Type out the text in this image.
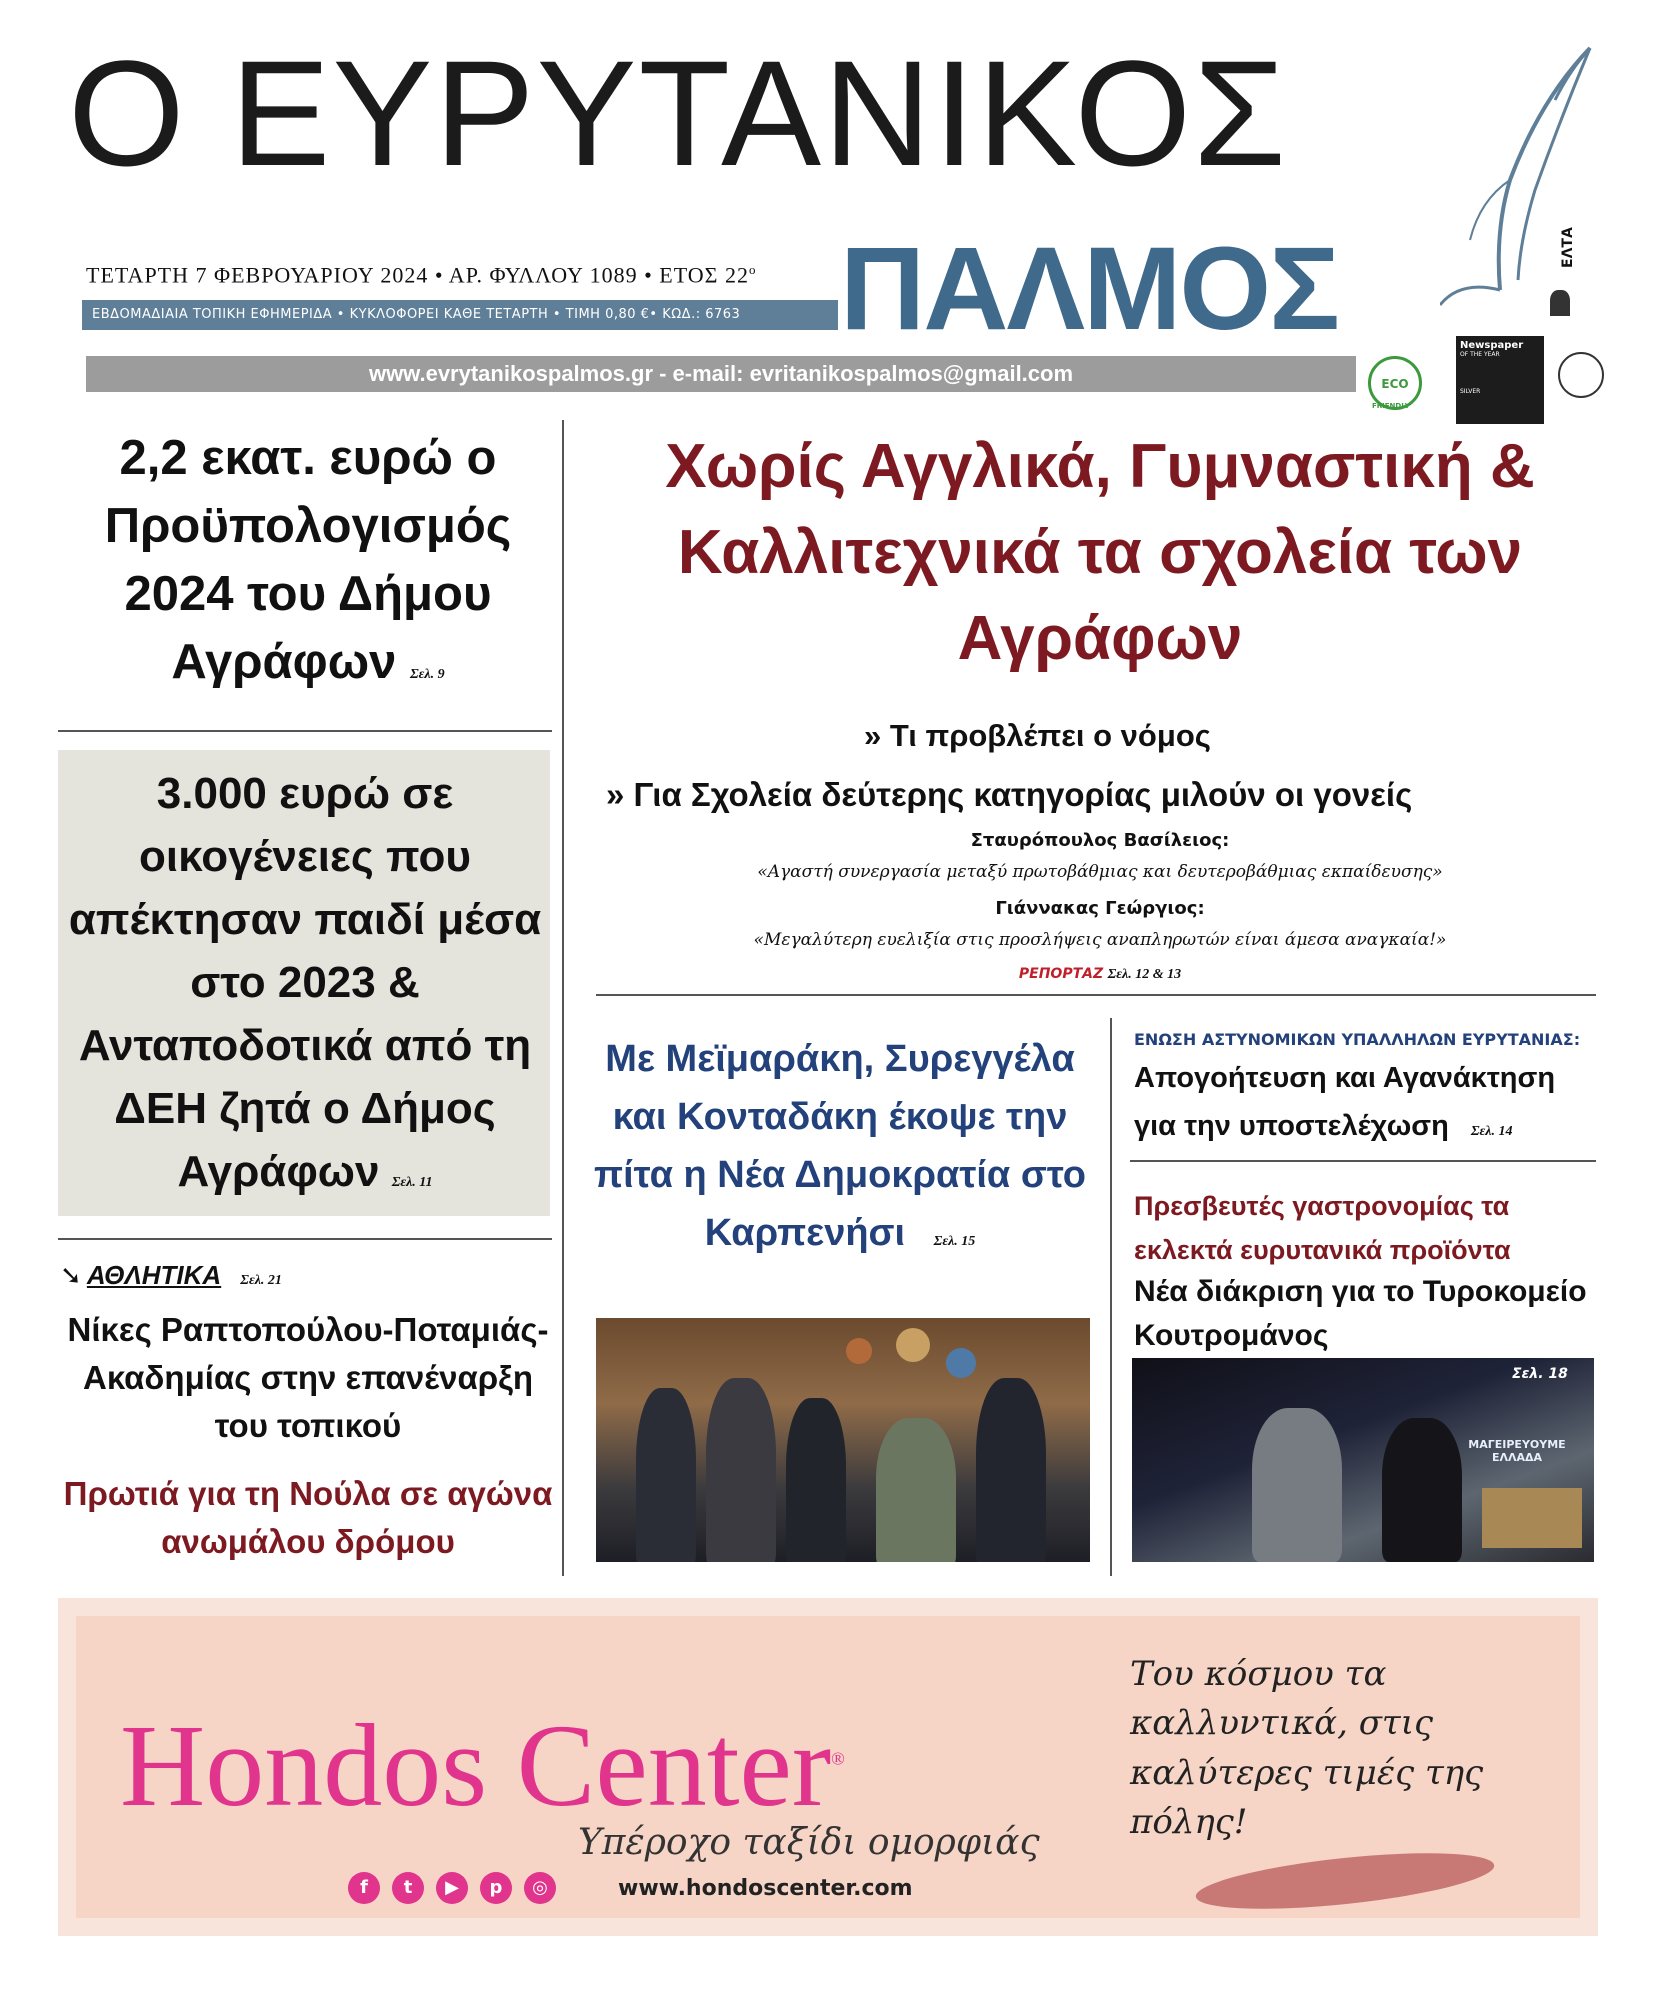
Ο ΕΥΡΥΤΑΝΙΚΟΣ
ΠΑΛΜΟΣ
ΤΕΤΑΡΤΗ 7 ΦΕΒΡΟΥΑΡΙΟΥ 2024 • ΑΡ. ΦΥΛΛΟΥ 1089 • ΕΤΟΣ $22^o$
ΕΒΔΟΜΑΔΙΑΙΑ ΤΟΠΙΚΗ ΕΦΗΜΕΡΙΔΑ • ΚΥΚΛΟΦΟΡΕΙ ΚΑΘΕ ΤΕΤΑΡΤΗ • ΤΙΜΗ 0,80 €• ΚΩΔ.: 6763
www.evrytanikospalmos.gr - e-mail: evritanikospalmos@gmail.com	ECO
FRIENDLY
Newspaper
OF THE YEAR
SILVER
ΕΛΤΑ
2,2 εκατ. ευρώ ο Προϋπολογισμός 2024 του Δήμου Αγράφων Σελ. 9
3.000 ευρώ σε οικογένειες που απέκτησαν παιδί μέσα στο 2023 & Ανταποδοτικά από τη ΔΕΗ ζητά ο Δήμος Αγράφων Σελ. 11
➘ ΑΘΛΗΤΙΚΑ Σελ. 21
Νίκες Ραπτοπούλου-Ποταμιάς-Ακαδημίας στην επανέναρξη του τοπικού
Πρωτιά για τη Νούλα σε αγώνα ανωμάλου δρόμου
Χωρίς Αγγλικά, Γυμναστική & Καλλιτεχνικά τα σχολεία των Αγράφων
» Τι προβλέπει ο νόμος
» Για Σχολεία δεύτερης κατηγορίας μιλούν οι γονείς
Σταυρόπουλος Βασίλειος:
«Αγαστή συνεργασία μεταξύ πρωτοβάθμιας και δευτεροβάθμιας εκπαίδευσης»
Γιάννακας Γεώργιος:
«Μεγαλύτερη ευελιξία στις προσλήψεις αναπληρωτών είναι άμεσα αναγκαία!»
ΡΕΠΟΡΤΑΖ Σελ. 12 & 13
Με Μεϊμαράκη, Συρεγγέλα και Κονταδάκη έκοψε την πίτα η Νέα Δημοκρατία στο Καρπενήσι Σελ. 15
ΕΝΩΣΗ ΑΣΤΥΝΟΜΙΚΩΝ ΥΠΑΛΛΗΛΩΝ ΕΥΡΥΤΑΝΙΑΣ:
Απογοήτευση και Αγανάκτηση για την υποστελέχωση Σελ. 14
Πρεσβευτές γαστρονομίας τα εκλεκτά ευρυτανικά προϊόντα
Νέα διάκριση για το Τυροκομείο Κουτρομάνος
Σελ. 18
ΜΑΓΕΙΡΕΥΟΥΜΕ ΕΛΛΑΔΑ
Hondos Center®
Υπέροχο ταξίδι ομορφιάς
Του κόσμου τα καλλυντικά, στις καλύτερες τιμές της πόλης!
f t ▶ p ◎	www.hondoscenter.com
